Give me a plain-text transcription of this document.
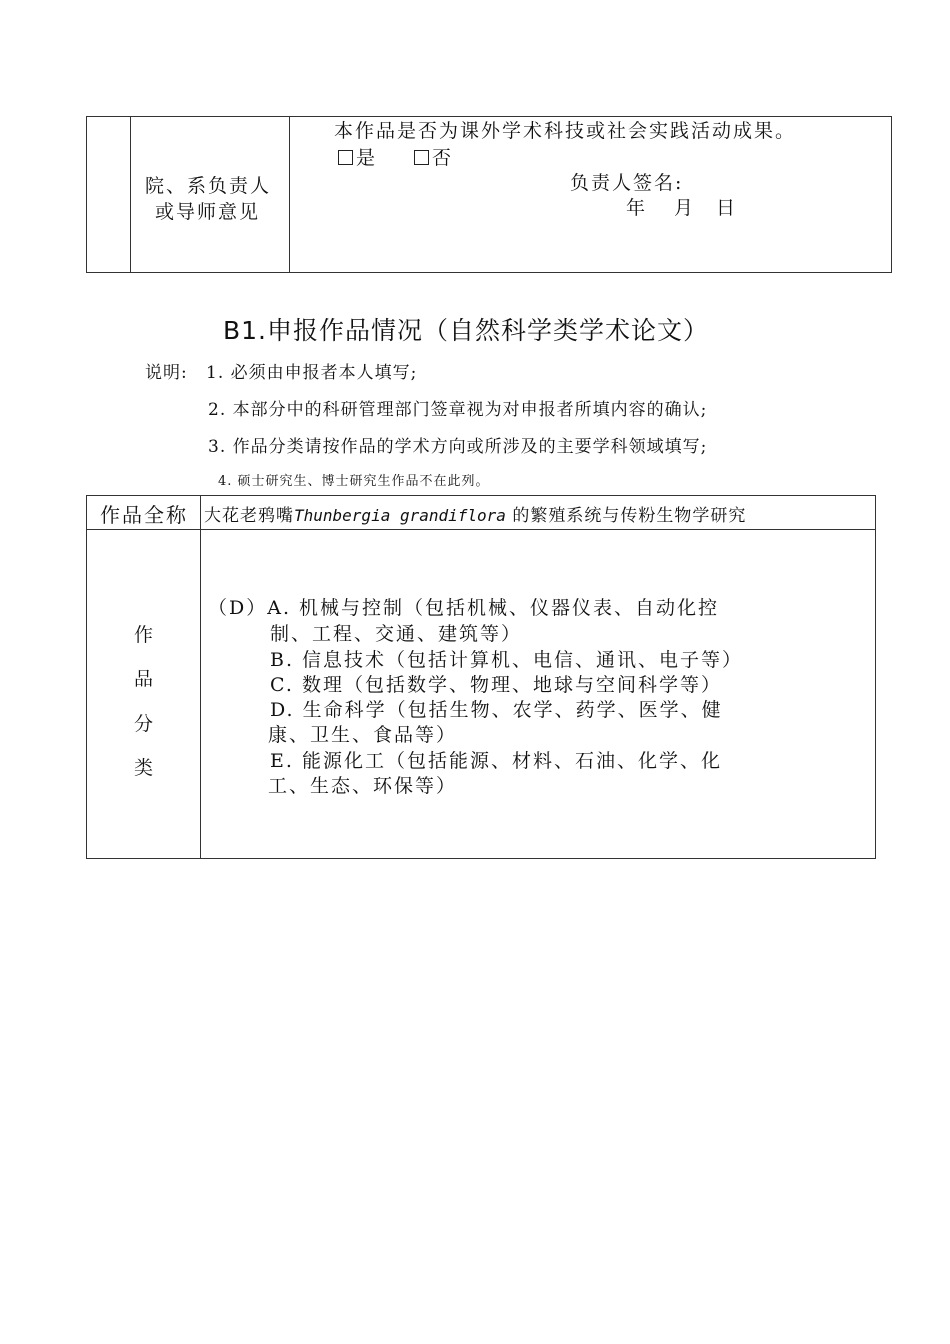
院、系负责人
或导师意见
本作品是否为课外学术科技或社会实践活动成果。
是	否
负责人签名:
年 月 日
B1.申报作品情况（自然科学类学术论文）
说明: 1. 必须由申报者本人填写;
2. 本部分中的科研管理部门签章视为对申报者所填内容的确认;
3. 作品分类请按作品的学术方向或所涉及的主要学科领域填写;
4. 硕士研究生、博士研究生作品不在此列。
作品全称 大花老鸦嘴Thunbergia grandiflora 的繁殖系统与传粉生物学研究
作
品
分
类
（D）A. 机械与控制（包括机械、仪器仪表、自动化控
制、工程、交通、建筑等）
B. 信息技术（包括计算机、电信、通讯、电子等）
C. 数理（包括数学、物理、地球与空间科学等）
D. 生命科学（包括生物、农学、药学、医学、健
康、卫生、食品等）
E. 能源化工（包括能源、材料、石油、化学、化
工、生态、环保等）
